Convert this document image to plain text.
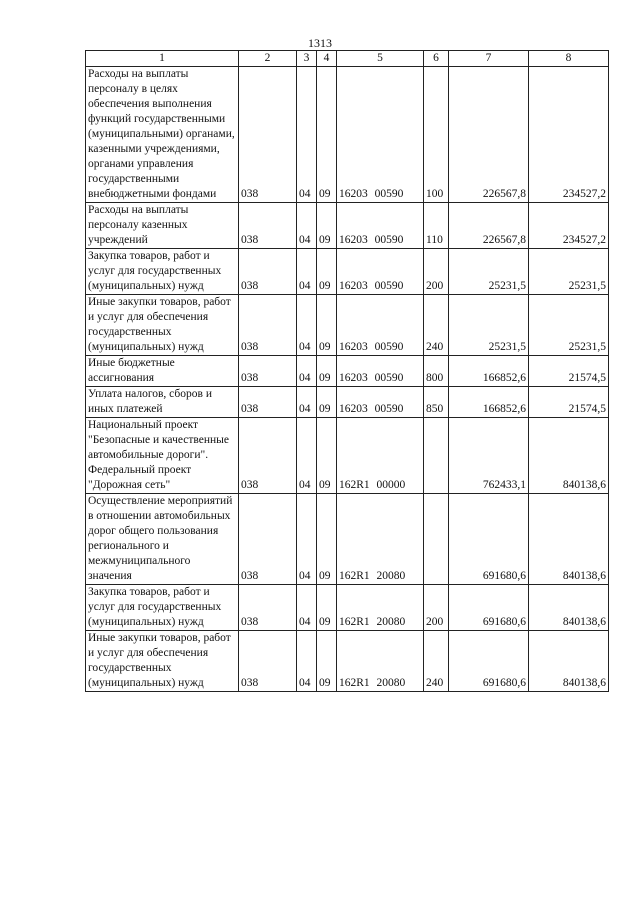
1313
1	2	3	4	5	6	7	8
Расходы на выплаты персоналу в целях обеспечения выполнения функций государственными (муниципальными) органами, казенными учреждениями, органами управления государственными внебюджетными фондами	038	04	09	16203 00590	100	226567,8	234527,2
Расходы на выплаты персоналу казенных учреждений	038	04	09	16203 00590	110	226567,8	234527,2
Закупка товаров, работ и услуг для государственных (муниципальных) нужд	038	04	09	16203 00590	200	25231,5	25231,5
Иные закупки товаров, работ и услуг для обеспечения государственных (муниципальных) нужд	038	04	09	16203 00590	240	25231,5	25231,5
Иные бюджетные ассигнования	038	04	09	16203 00590	800	166852,6	21574,5
Уплата налогов, сборов и иных платежей	038	04	09	16203 00590	850	166852,6	21574,5
Национальный проект "Безопасные и качественные автомобильные дороги". Федеральный проект "Дорожная сеть"	038	04	09	162R1 00000		762433,1	840138,6
Осуществление мероприятий в отношении автомобильных дорог общего пользования регионального и межмуниципального значения	038	04	09	162R1 20080		691680,6	840138,6
Закупка товаров, работ и услуг для государственных (муниципальных) нужд	038	04	09	162R1 20080	200	691680,6	840138,6
Иные закупки товаров, работ и услуг для обеспечения государственных (муниципальных) нужд	038	04	09	162R1 20080	240	691680,6	840138,6
